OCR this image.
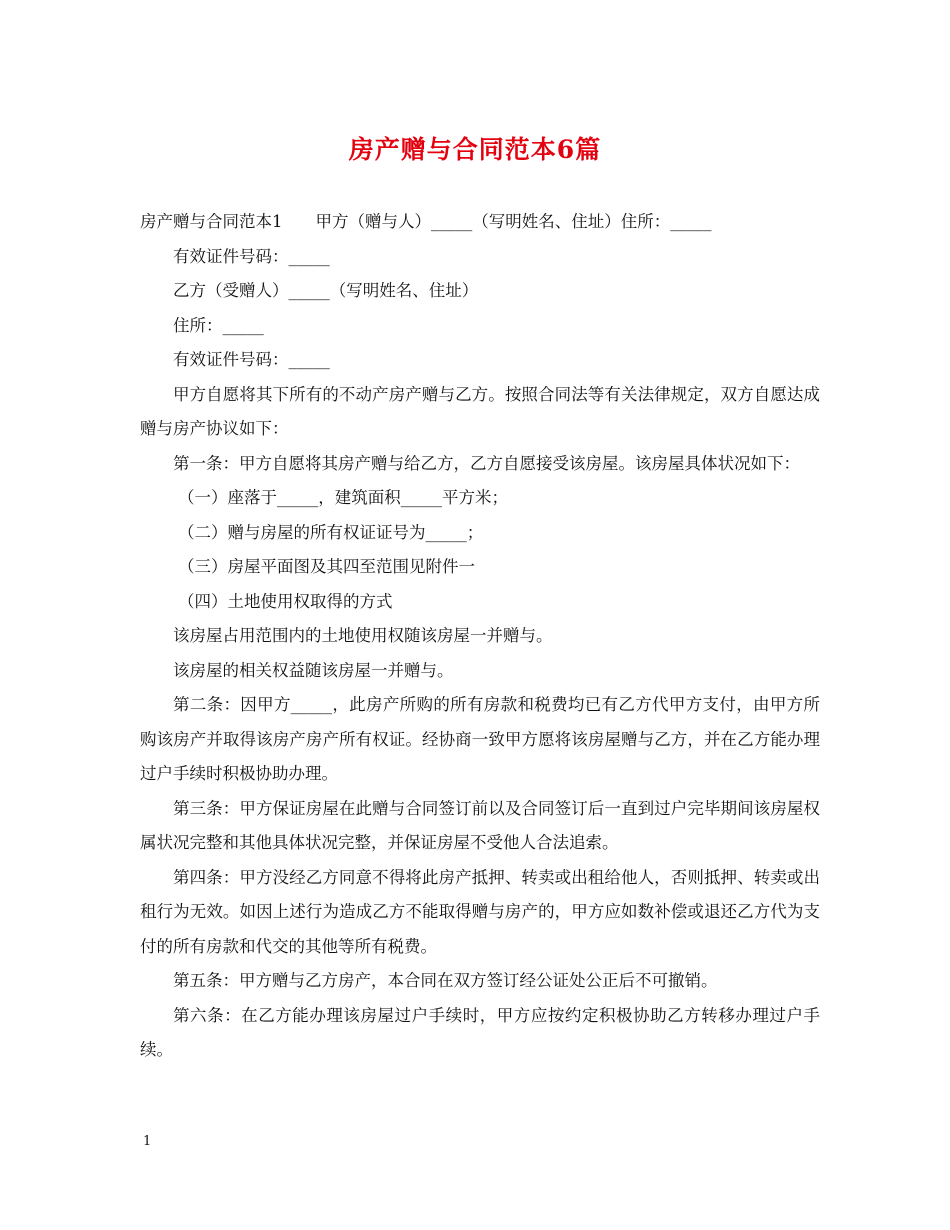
房产赠与合同范本6篇

房产赠与合同范本1　　甲方（赠与人）_____（写明姓名、住址）住所：_____

有效证件号码：_____

乙方（受赠人）_____（写明姓名、住址）

住所：_____

有效证件号码：_____

甲方自愿将其下所有的不动产房产赠与乙方。按照合同法等有关法律规定，双方自愿达成赠与房产协议如下：

第一条：甲方自愿将其房产赠与给乙方，乙方自愿接受该房屋。该房屋具体状况如下：

（一）座落于_____，建筑面积_____平方米；

（二）赠与房屋的所有权证证号为_____；

（三）房屋平面图及其四至范围见附件一

（四）土地使用权取得的方式

该房屋占用范围内的土地使用权随该房屋一并赠与。

该房屋的相关权益随该房屋一并赠与。

第二条：因甲方_____，此房产所购的所有房款和税费均已有乙方代甲方支付，由甲方所购该房产并取得该房产房产所有权证。经协商一致甲方愿将该房屋赠与乙方，并在乙方能办理过户手续时积极协助办理。

第三条：甲方保证房屋在此赠与合同签订前以及合同签订后一直到过户完毕期间该房屋权属状况完整和其他具体状况完整，并保证房屋不受他人合法追索。

第四条：甲方没经乙方同意不得将此房产抵押、转卖或出租给他人，否则抵押、转卖或出租行为无效。如因上述行为造成乙方不能取得赠与房产的，甲方应如数补偿或退还乙方代为支付的所有房款和代交的其他等所有税费。

第五条：甲方赠与乙方房产，本合同在双方签订经公证处公正后不可撤销。

第六条：在乙方能办理该房屋过户手续时，甲方应按约定积极协助乙方转移办理过户手续。

1
